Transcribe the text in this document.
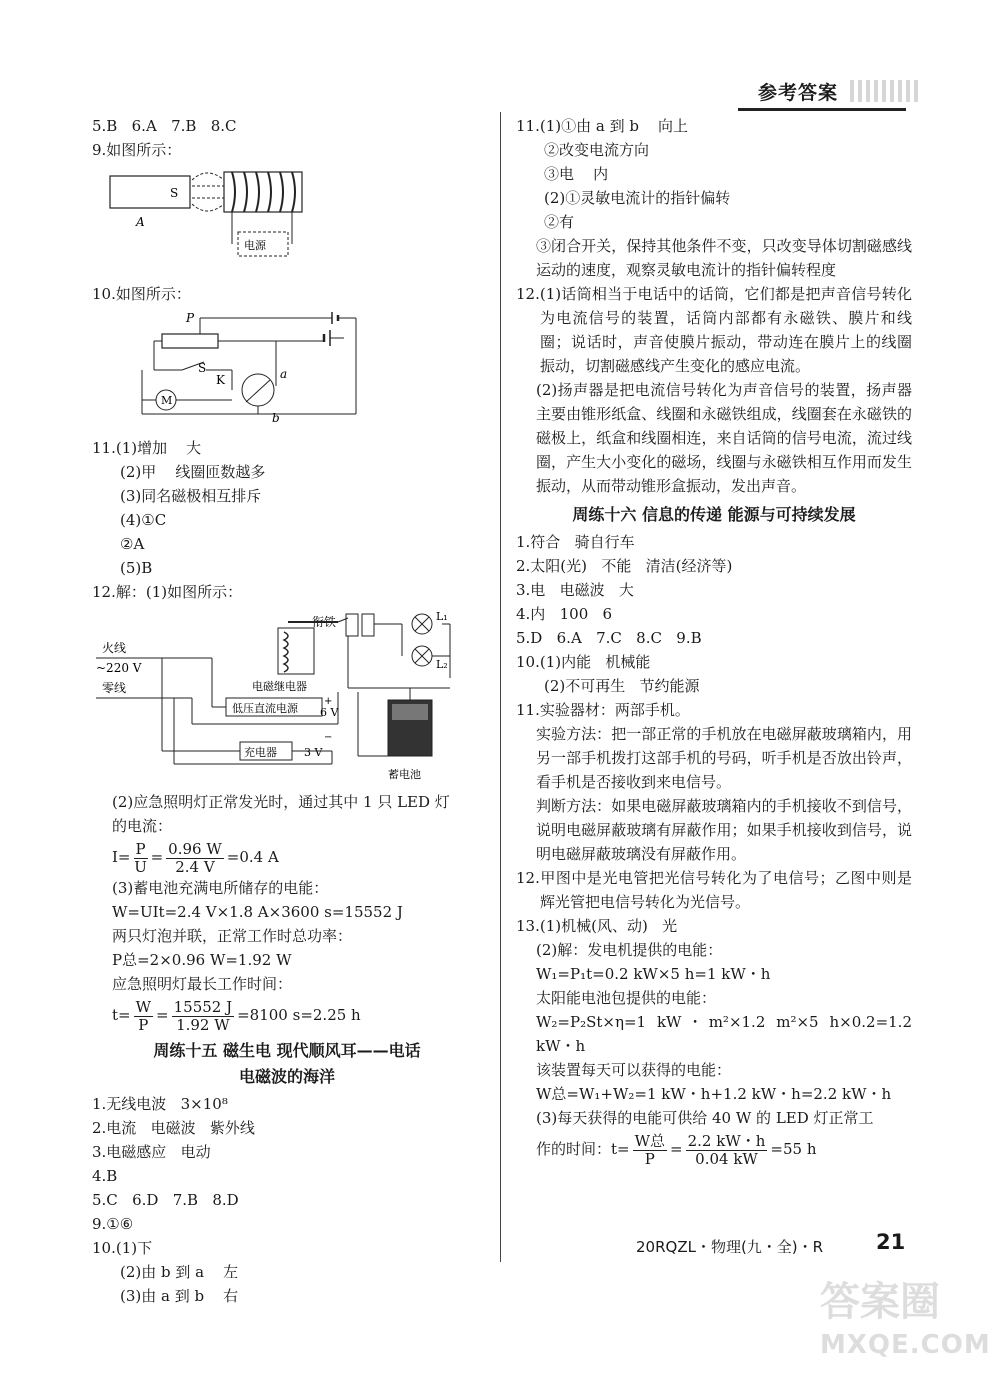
参考答案
5.B   6.A   7.B   8.C
9.如图所示：
S
A
电源
10.如图所示：
P
S
M
K	a
b
11.(1)增加    大
(2)甲    线圈匝数越多
(3)同名磁极相互排斥
(4)①C
②A
(5)B
12.解：(1)如图所示：
衔铁
火线
~220 V
零线
L₁
L₂
电磁继电器
低压直流电源 6 V
充电器 3 V
蓄电池
+
−
(2)应急照明灯正常发光时，通过其中 1 只 LED 灯
的电流：
$I= \frac{P}{U} = \frac{0.96 W}{2.4 V} =0.4$ A
(3)蓄电池充满电所储存的电能：
W=UIt=2.4 V×1.8 A×3600 s=15552 J
两只灯泡并联，正常工作时总功率：
P总=2×0.96 W=1.92 W
应急照明灯最长工作时间：
$t= \frac{W}{P} = \frac{15552 J}{1.92 W} =8100$ s=2.25 h
周练十五 磁生电 现代顺风耳——电话
电磁波的海洋
1.无线电波   3×10⁸
2.电流   电磁波   紫外线
3.电磁感应   电动
4.B
5.C   6.D   7.B   8.D
9.①⑥
10.(1)下
(2)由 b 到 a    左
(3)由 a 到 b    右
11.(1)①由 a 到 b    向上
②改变电流方向
③电    内
(2)①灵敏电流计的指针偏转
②有
③闭合开关，保持其他条件不变，只改变导体切割磁感线运动的速度，观察灵敏电流计的指针偏转程度
12.(1)话筒相当于电话中的话筒，它们都是把声音信号转化为电流信号的装置，话筒内部都有永磁铁、膜片和线圈；说话时，声音使膜片振动，带动连在膜片上的线圈振动，切割磁感线产生变化的感应电流。
(2)扬声器是把电流信号转化为声音信号的装置，扬声器主要由锥形纸盒、线圈和永磁铁组成，线圈套在永磁铁的磁极上，纸盒和线圈相连，来自话筒的信号电流，流过线圈，产生大小变化的磁场，线圈与永磁铁相互作用而发生振动，从而带动锥形盒振动，发出声音。
周练十六 信息的传递 能源与可持续发展
1.符合   骑自行车
2.太阳(光)   不能   清洁(经济等)
3.电   电磁波   大
4.内   100   6
5.D   6.A   7.C   8.C   9.B
10.(1)内能   机械能
(2)不可再生   节约能源
11.实验器材：两部手机。
实验方法：把一部正常的手机放在电磁屏蔽玻璃箱内，用另一部手机拨打这部手机的号码，听手机是否放出铃声，看手机是否接收到来电信号。
判断方法：如果电磁屏蔽玻璃箱内的手机接收不到信号，说明电磁屏蔽玻璃有屏蔽作用；如果手机接收到信号，说明电磁屏蔽玻璃没有屏蔽作用。
12.甲图中是光电管把光信号转化为了电信号；乙图中则是辉光管把电信号转化为光信号。
13.(1)机械(风、动)   光
(2)解：发电机提供的电能：
W₁=P₁t=0.2 kW×5 h=1 kW・h
太阳能电池包提供的电能：
W₂=P₂St×η=1 kW・m²×1.2 m²×5 h×0.2=1.2 kW・h
该装置每天可以获得的电能：
W总=W₁+W₂=1 kW・h+1.2 kW・h=2.2 kW・h
(3)每天获得的电能可供给 40 W 的 LED 灯正常工
作的时间：$t= \frac{\text{W总}}{P} = \frac{2.2 kW・h}{0.04 kW} =55$ h
20RQZL・物理(九・全)・R	21
答案圈
MXQE.COM
